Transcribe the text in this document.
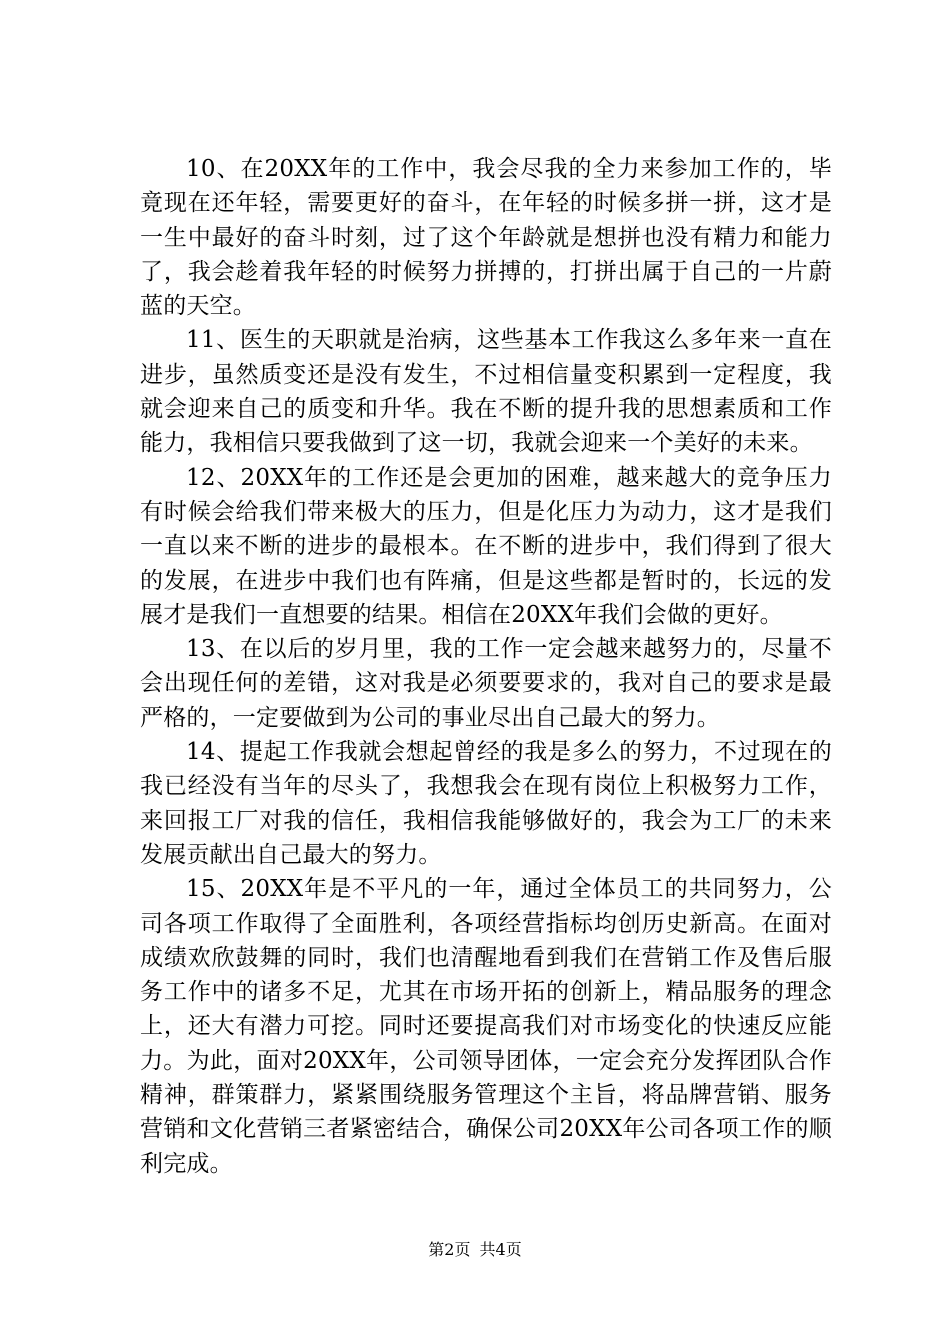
10、在20XX年的工作中，我会尽我的全力来参加工作的，毕竟现在还年轻，需要更好的奋斗，在年轻的时候多拼一拼，这才是一生中最好的奋斗时刻，过了这个年龄就是想拼也没有精力和能力了，我会趁着我年轻的时候努力拼搏的，打拼出属于自己的一片蔚蓝的天空。

11、医生的天职就是治病，这些基本工作我这么多年来一直在进步，虽然质变还是没有发生，不过相信量变积累到一定程度，我就会迎来自己的质变和升华。我在不断的提升我的思想素质和工作能力，我相信只要我做到了这一切，我就会迎来一个美好的未来。

12、20XX年的工作还是会更加的困难，越来越大的竞争压力有时候会给我们带来极大的压力，但是化压力为动力，这才是我们一直以来不断的进步的最根本。在不断的进步中，我们得到了很大的发展，在进步中我们也有阵痛，但是这些都是暂时的，长远的发展才是我们一直想要的结果。相信在20XX年我们会做的更好。

13、在以后的岁月里，我的工作一定会越来越努力的，尽量不会出现任何的差错，这对我是必须要要求的，我对自己的要求是最严格的，一定要做到为公司的事业尽出自己最大的努力。

14、提起工作我就会想起曾经的我是多么的努力，不过现在的我已经没有当年的尽头了，我想我会在现有岗位上积极努力工作，来回报工厂对我的信任，我相信我能够做好的，我会为工厂的未来发展贡献出自己最大的努力。

15、20XX年是不平凡的一年，通过全体员工的共同努力，公司各项工作取得了全面胜利，各项经营指标均创历史新高。在面对成绩欢欣鼓舞的同时，我们也清醒地看到我们在营销工作及售后服务工作中的诸多不足，尤其在市场开拓的创新上，精品服务的理念上，还大有潜力可挖。同时还要提高我们对市场变化的快速反应能力。为此，面对20XX年，公司领导团体，一定会充分发挥团队合作精神，群策群力，紧紧围绕服务管理这个主旨，将品牌营销、服务营销和文化营销三者紧密结合，确保公司20XX年公司各项工作的顺利完成。

第2页 共4页
